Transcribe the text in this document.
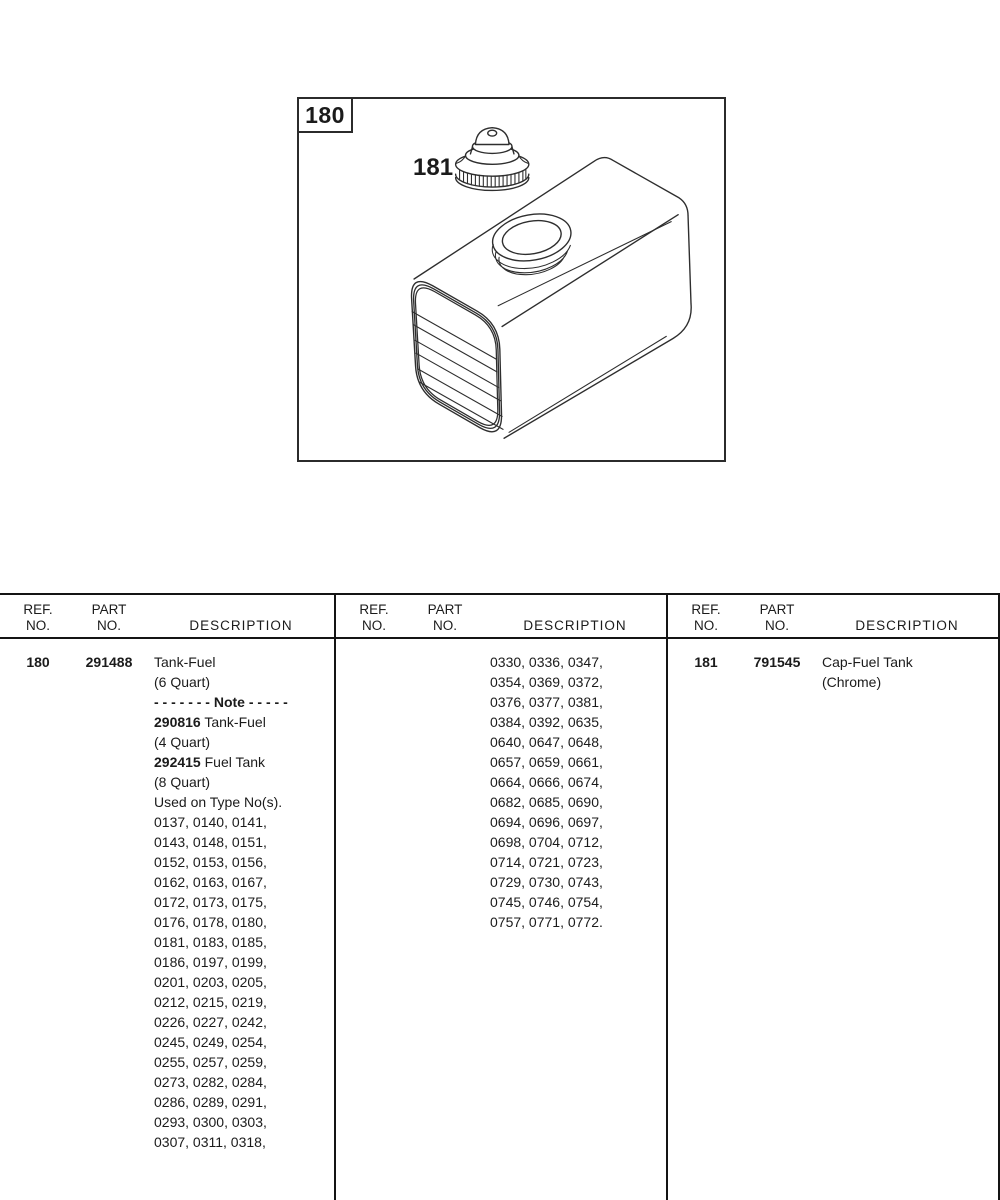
180
181
REF.
NO.
PART
NO.	DESCRIPTION
180	291488	Tank-Fuel
(6 Quart)
- - - - - - - Note - - - - -
290816 Tank-Fuel
(4 Quart)
292415 Fuel Tank
(8 Quart)
Used on Type No(s).
0137, 0140, 0141,
0143, 0148, 0151,
0152, 0153, 0156,
0162, 0163, 0167,
0172, 0173, 0175,
0176, 0178, 0180,
0181, 0183, 0185,
0186, 0197, 0199,
0201, 0203, 0205,
0212, 0215, 0219,
0226, 0227, 0242,
0245, 0249, 0254,
0255, 0257, 0259,
0273, 0282, 0284,
0286, 0289, 0291,
0293, 0300, 0303,
0307, 0311, 0318,
REF.
NO.
PART
NO.	DESCRIPTION
0330, 0336, 0347,
0354, 0369, 0372,
0376, 0377, 0381,
0384, 0392, 0635,
0640, 0647, 0648,
0657, 0659, 0661,
0664, 0666, 0674,
0682, 0685, 0690,
0694, 0696, 0697,
0698, 0704, 0712,
0714, 0721, 0723,
0729, 0730, 0743,
0745, 0746, 0754,
0757, 0771, 0772.
REF.
NO.
PART
NO.	DESCRIPTION
181	791545	Cap-Fuel Tank
(Chrome)
